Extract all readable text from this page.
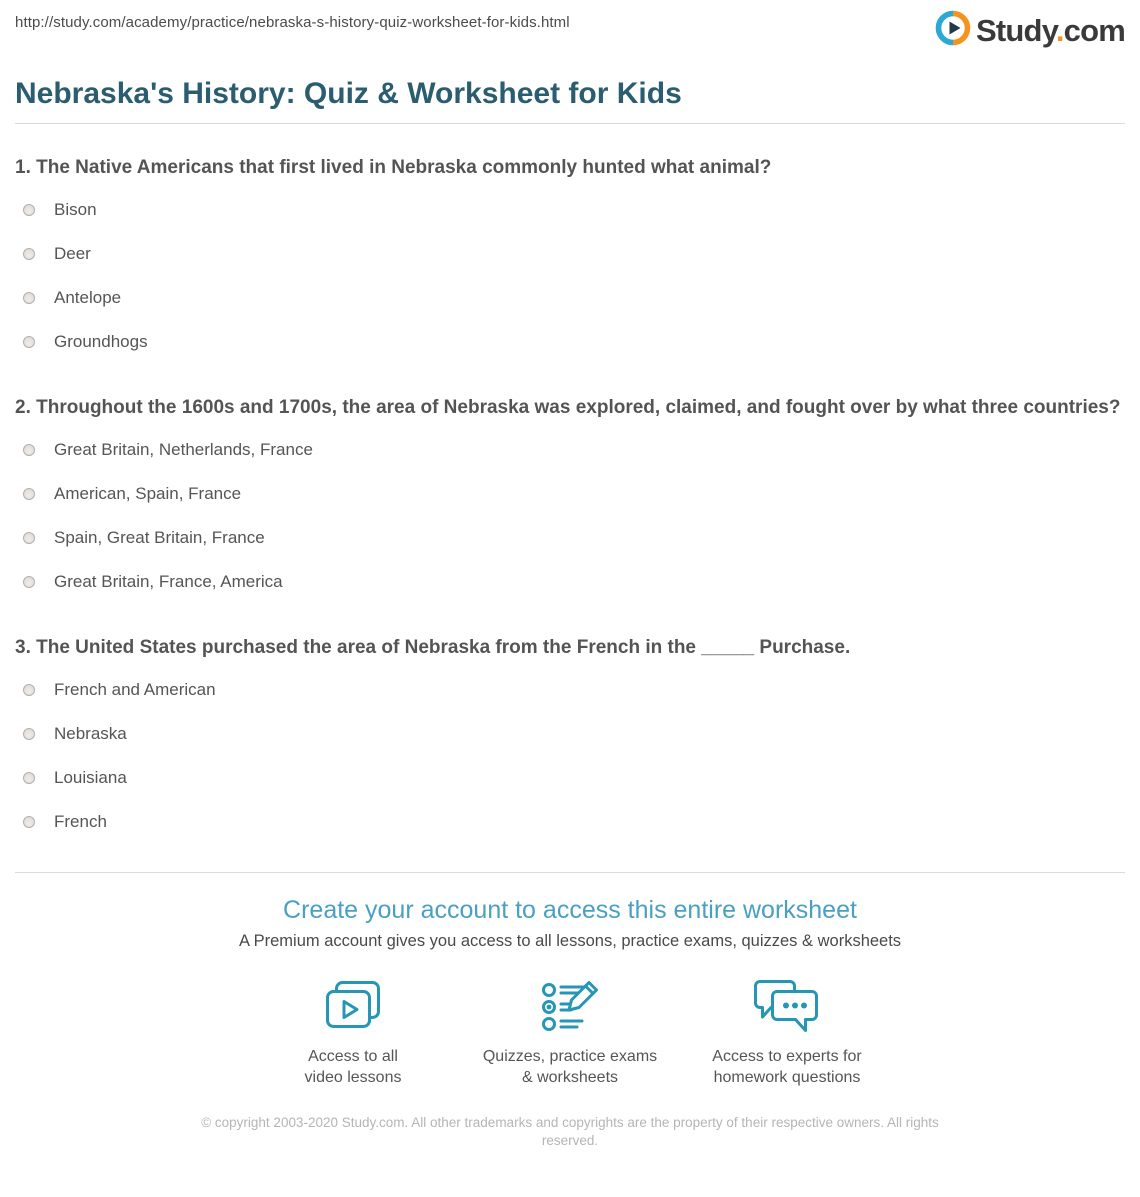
http://study.com/academy/practice/nebraska-s-history-quiz-worksheet-for-kids.html	Study.com
Nebraska's History: Quiz & Worksheet for Kids

1. The Native Americans that first lived in Nebraska commonly hunted what animal?

Bison
Deer
Antelope
Groundhogs

2. Throughout the 1600s and 1700s, the area of Nebraska was explored, claimed, and fought over by what three countries?

Great Britain, Netherlands, France
American, Spain, France
Spain, Great Britain, France
Great Britain, France, America

3. The United States purchased the area of Nebraska from the French in the _____ Purchase.

French and American
Nebraska
Louisiana
French
Create your account to access this entire worksheet
A Premium account gives you access to all lessons, practice exams, quizzes & worksheets
Access to all
video lessons
Quizzes, practice exams
& worksheets
Access to experts for
homework questions
© copyright 2003-2020 Study.com. All other trademarks and copyrights are the property of their respective owners. All rights reserved.
